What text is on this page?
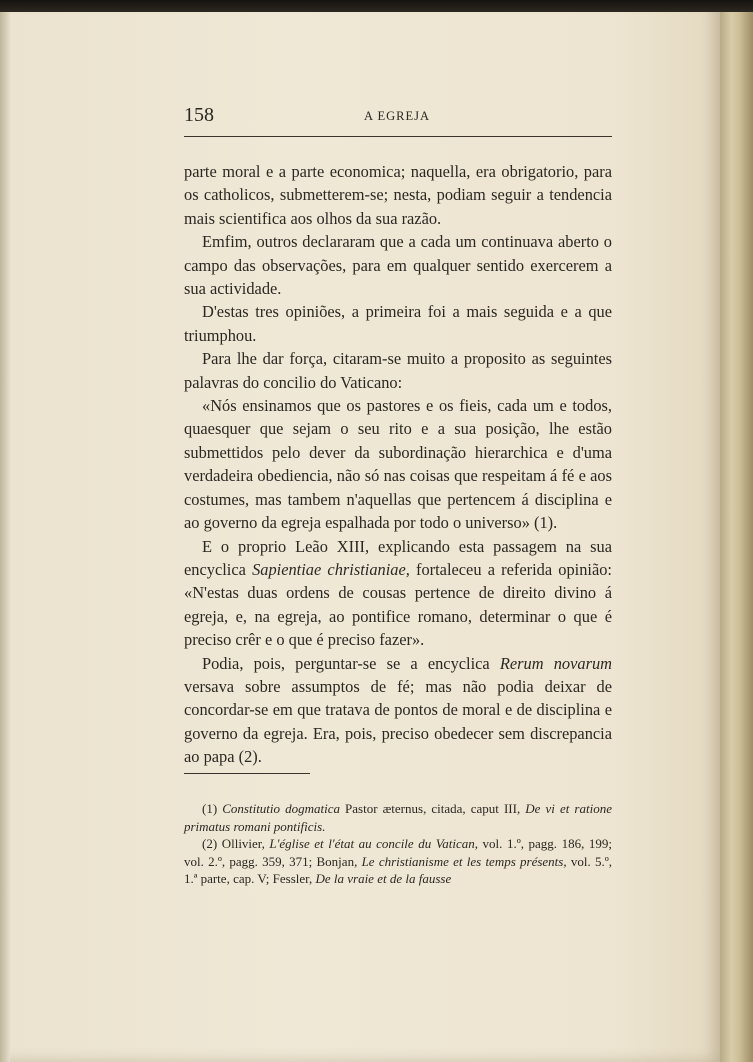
158	A EGREJA

parte moral e a parte economica; naquella, era obrigatorio, para os catholicos, submetterem-se; nesta, podiam seguir a tendencia mais scientifica aos olhos da sua razão.

Emfim, outros declararam que a cada um continuava aberto o campo das observações, para em qualquer sentido exercerem a sua actividade.

D'estas tres opiniões, a primeira foi a mais seguida e a que triumphou.

Para lhe dar força, citaram-se muito a proposito as seguintes palavras do concilio do Vaticano:

«Nós ensinamos que os pastores e os fieis, cada um e todos, quaesquer que sejam o seu rito e a sua posição, lhe estão submettidos pelo dever da subordinação hierarchica e d'uma verdadeira obediencia, não só nas coisas que respeitam á fé e aos costumes, mas tambem n'aquellas que pertencem á disciplina e ao governo da egreja espalhada por todo o universo» (1).

E o proprio Leão XIII, explicando esta passagem na sua encyclica Sapientiae christianiae, fortaleceu a referida opinião: «N'estas duas ordens de cousas pertence de direito divino á egreja, e, na egreja, ao pontifice romano, determinar o que é preciso crêr e o que é preciso fazer».

Podia, pois, perguntar-se se a encyclica Rerum novarum versava sobre assumptos de fé; mas não podia deixar de concordar-se em que tratava de pontos de moral e de disciplina e governo da egreja. Era, pois, preciso obedecer sem discrepancia ao papa (2).

(1) Constitutio dogmatica Pastor æternus, citada, caput III, De vi et ratione primatus romani pontificis.

(2) Ollivier, L'église et l'état au concile du Vatican, vol. 1.º, pagg. 186, 199; vol. 2.º, pagg. 359, 371; Bonjan, Le christianisme et les temps présents, vol. 5.º, 1.ª parte, cap. V; Fessler, De la vraie et de la fausse
